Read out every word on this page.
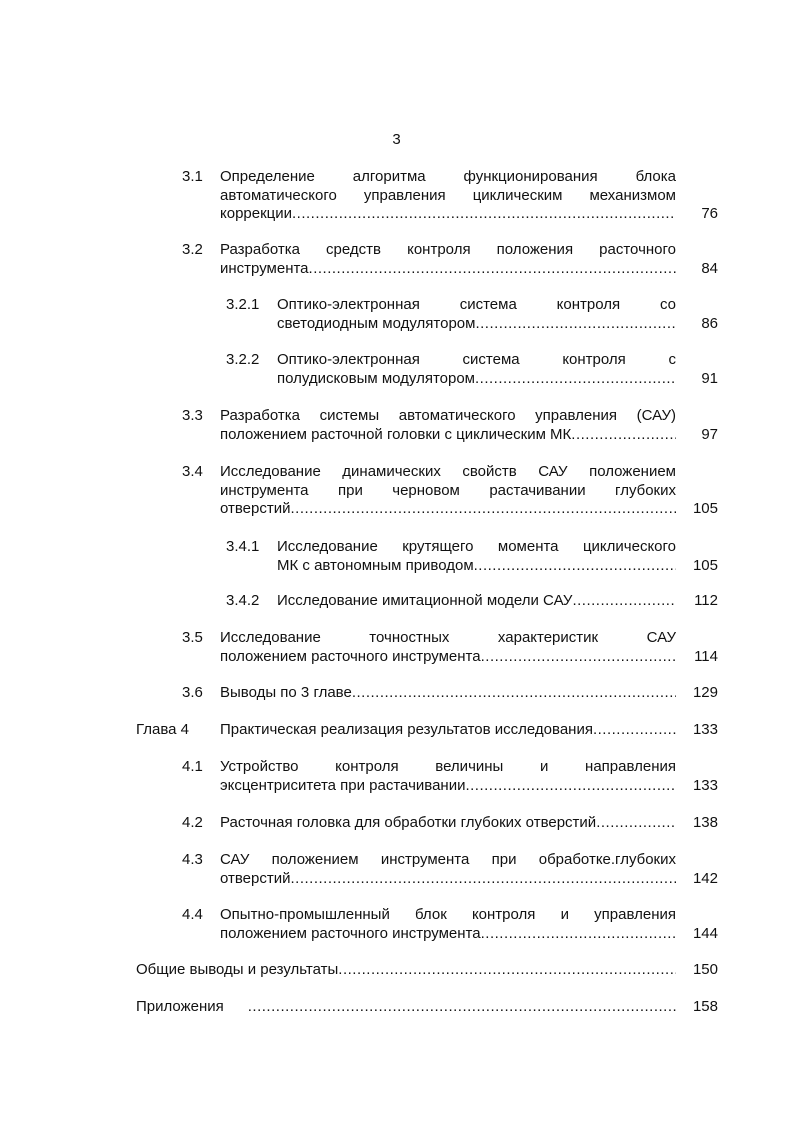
3
3.1 Определение алгоритма функционирования блока
автоматического управления циклическим механизмом
коррекции .....	76
3.2 Разработка средств контроля положения расточного
инструмента .....	84
3.2.1 Оптико-электронная система контроля со
светодиодным модулятором .....	86
3.2.2 Оптико-электронная система контроля с
полудисковым модулятором .....	91
3.3 Разработка системы автоматического управления (САУ)
положением расточной головки с циклическим МК .....	97
3.4 Исследование динамических свойств САУ положением
инструмента при черновом растачивании глубоких
отверстий .....	105
3.4.1 Исследование крутящего момента циклического
МК с автономным приводом .....	105
3.4.2 Исследование имитационной модели САУ .....	112
3.5 Исследование точностных характеристик САУ
положением расточного инструмента .....	114
3.6 Выводы по 3 главе .....	129
Глава 4 Практическая реализация результатов исследования .....	133
4.1 Устройство контроля величины и направления
эксцентриситета при растачивании .....	133
4.2 Расточная головка для обработки глубоких отверстий .....	138
4.3 САУ положением инструмента при обработке.глубоких
отверстий .....	142
4.4 Опытно-промышленный блок контроля и управления
положением расточного инструмента .....	144
Общие выводы и результаты .....	150
Приложения .....	158
